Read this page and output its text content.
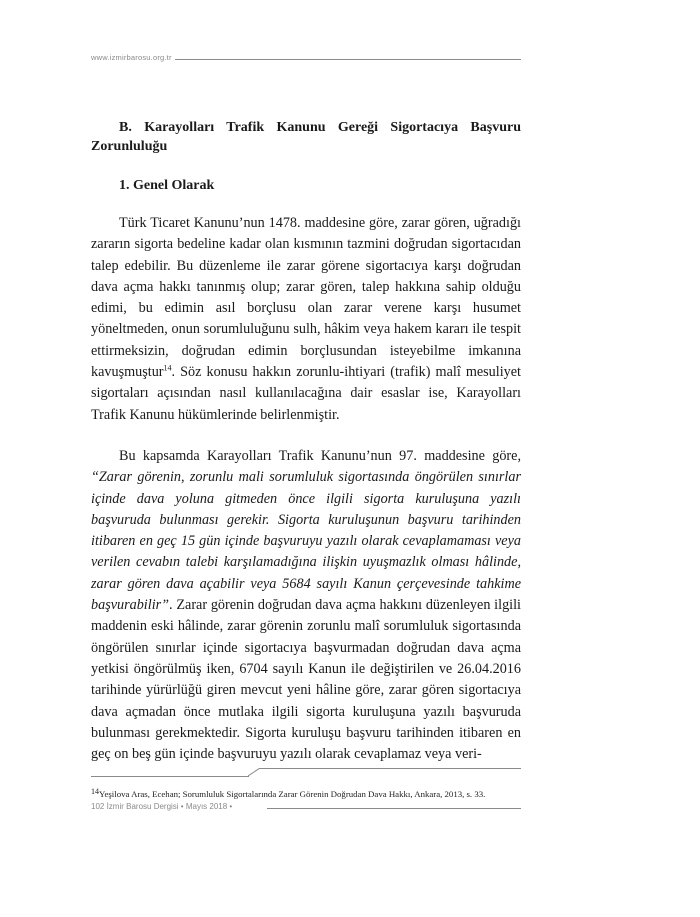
www.izmirbarosu.org.tr
B. Karayolları Trafik Kanunu Gereği Sigortacıya Başvuru Zorunluluğu
1. Genel Olarak

Türk Ticaret Kanunu’nun 1478. maddesine göre, zarar gören, uğradığı zararın sigorta bedeline kadar olan kısmının tazmini doğrudan sigortacıdan talep edebilir. Bu düzenleme ile zarar görene sigortacıya karşı doğrudan dava açma hakkı tanınmış olup; zarar gören, talep hakkına sahip olduğu edimi, bu edimin asıl borçlusu olan zarar verene karşı husumet yöneltmeden, onun sorumluluğunu sulh, hâkim veya hakem kararı ile tespit ettirmeksizin, doğrudan edimin borçlusundan isteyebilme imkanına kavuşmuştur$^{14}$. Söz konusu hakkın zorunlu-ihtiyari (trafik) malî mesuliyet sigortaları açısından nasıl kullanılacağına dair esaslar ise, Karayolları Trafik Kanunu hükümlerinde belirlenmiştir.

Bu kapsamda Karayolları Trafik Kanunu’nun 97. maddesine göre, “Zarar görenin, zorunlu mali sorumluluk sigortasında öngörülen sınırlar içinde dava yoluna gitmeden önce ilgili sigorta kuruluşuna yazılı başvuruda bulunması gerekir. Sigorta kuruluşunun başvuru tarihinden itibaren en geç 15 gün içinde başvuruyu yazılı olarak cevaplamaması veya verilen cevabın talebi karşılamadığına ilişkin uyuşmazlık olması hâlinde, zarar gören dava açabilir veya 5684 sayılı Kanun çerçevesinde tahkime başvurabilir”. Zarar görenin doğrudan dava açma hakkını düzenleyen ilgili maddenin eski hâlinde, zarar görenin zorunlu malî sorumluluk sigortasında öngörülen sınırlar içinde sigortacıya başvurmadan doğrudan dava açma yetkisi öngörülmüş iken, 6704 sayılı Kanun ile değiştirilen ve 26.04.2016 tarihinde yürürlüğü giren mevcut yeni hâline göre, zarar gören sigortacıya dava açmadan önce mutlaka ilgili sigorta kuruluşuna yazılı başvuruda bulunması gerekmektedir. Sigorta kuruluşu başvuru tarihinden itibaren en geç on beş gün içinde başvuruyu yazılı olarak cevaplamaz veya veri-

14Yeşilova Aras, Ecehan; Sorumluluk Sigortalarında Zarar Görenin Doğrudan Dava Hakkı, Ankara, 2013, s. 33.
102 İzmir Barosu Dergisi • Mayıs 2018 •
